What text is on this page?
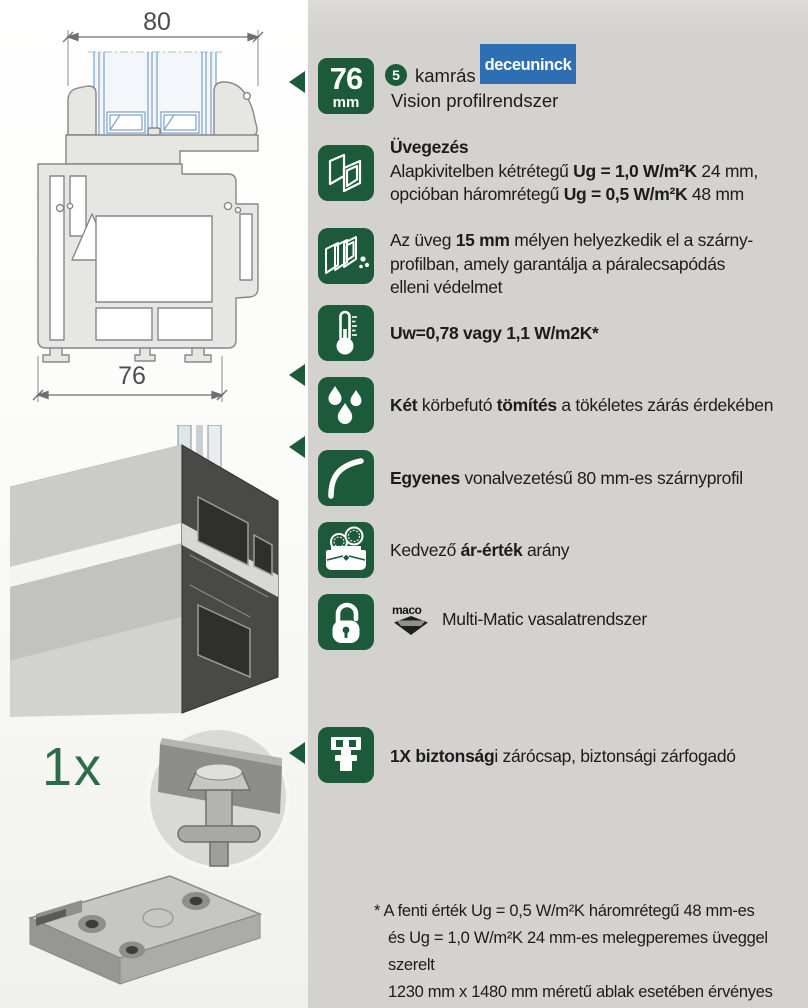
80
76
1x
76
mm
5 kamrás
Vision profilrendszer
deceuninck
Üvegezés
Alapkivitelben kétrétegű Ug = 1,0 W/m²K 24 mm,
opcióban háromrétegű Ug = 0,5 W/m²K 48 mm
Az üveg 15 mm mélyen helyezkedik el a szárny-
profilban, amely garantálja a páralecsapódás
elleni védelmet
Uw=0,78 vagy 1,1 W/m2K*
Két körbefutó tömítés a tökéletes zárás érdekében
Egyenes vonalvezetésű 80 mm-es szárnyprofil
Kedvező ár-érték arány
maco Multi-Matic vasalatrendszer
1X biztonsági zárócsap, biztonsági zárfogadó
* A fenti érték Ug = 0,5 W/m²K háromrétegű 48 mm-es
és Ug = 1,0 W/m²K 24 mm-es melegperemes üveggel szerelt
1230 mm x 1480 mm méretű ablak esetében érvényes
